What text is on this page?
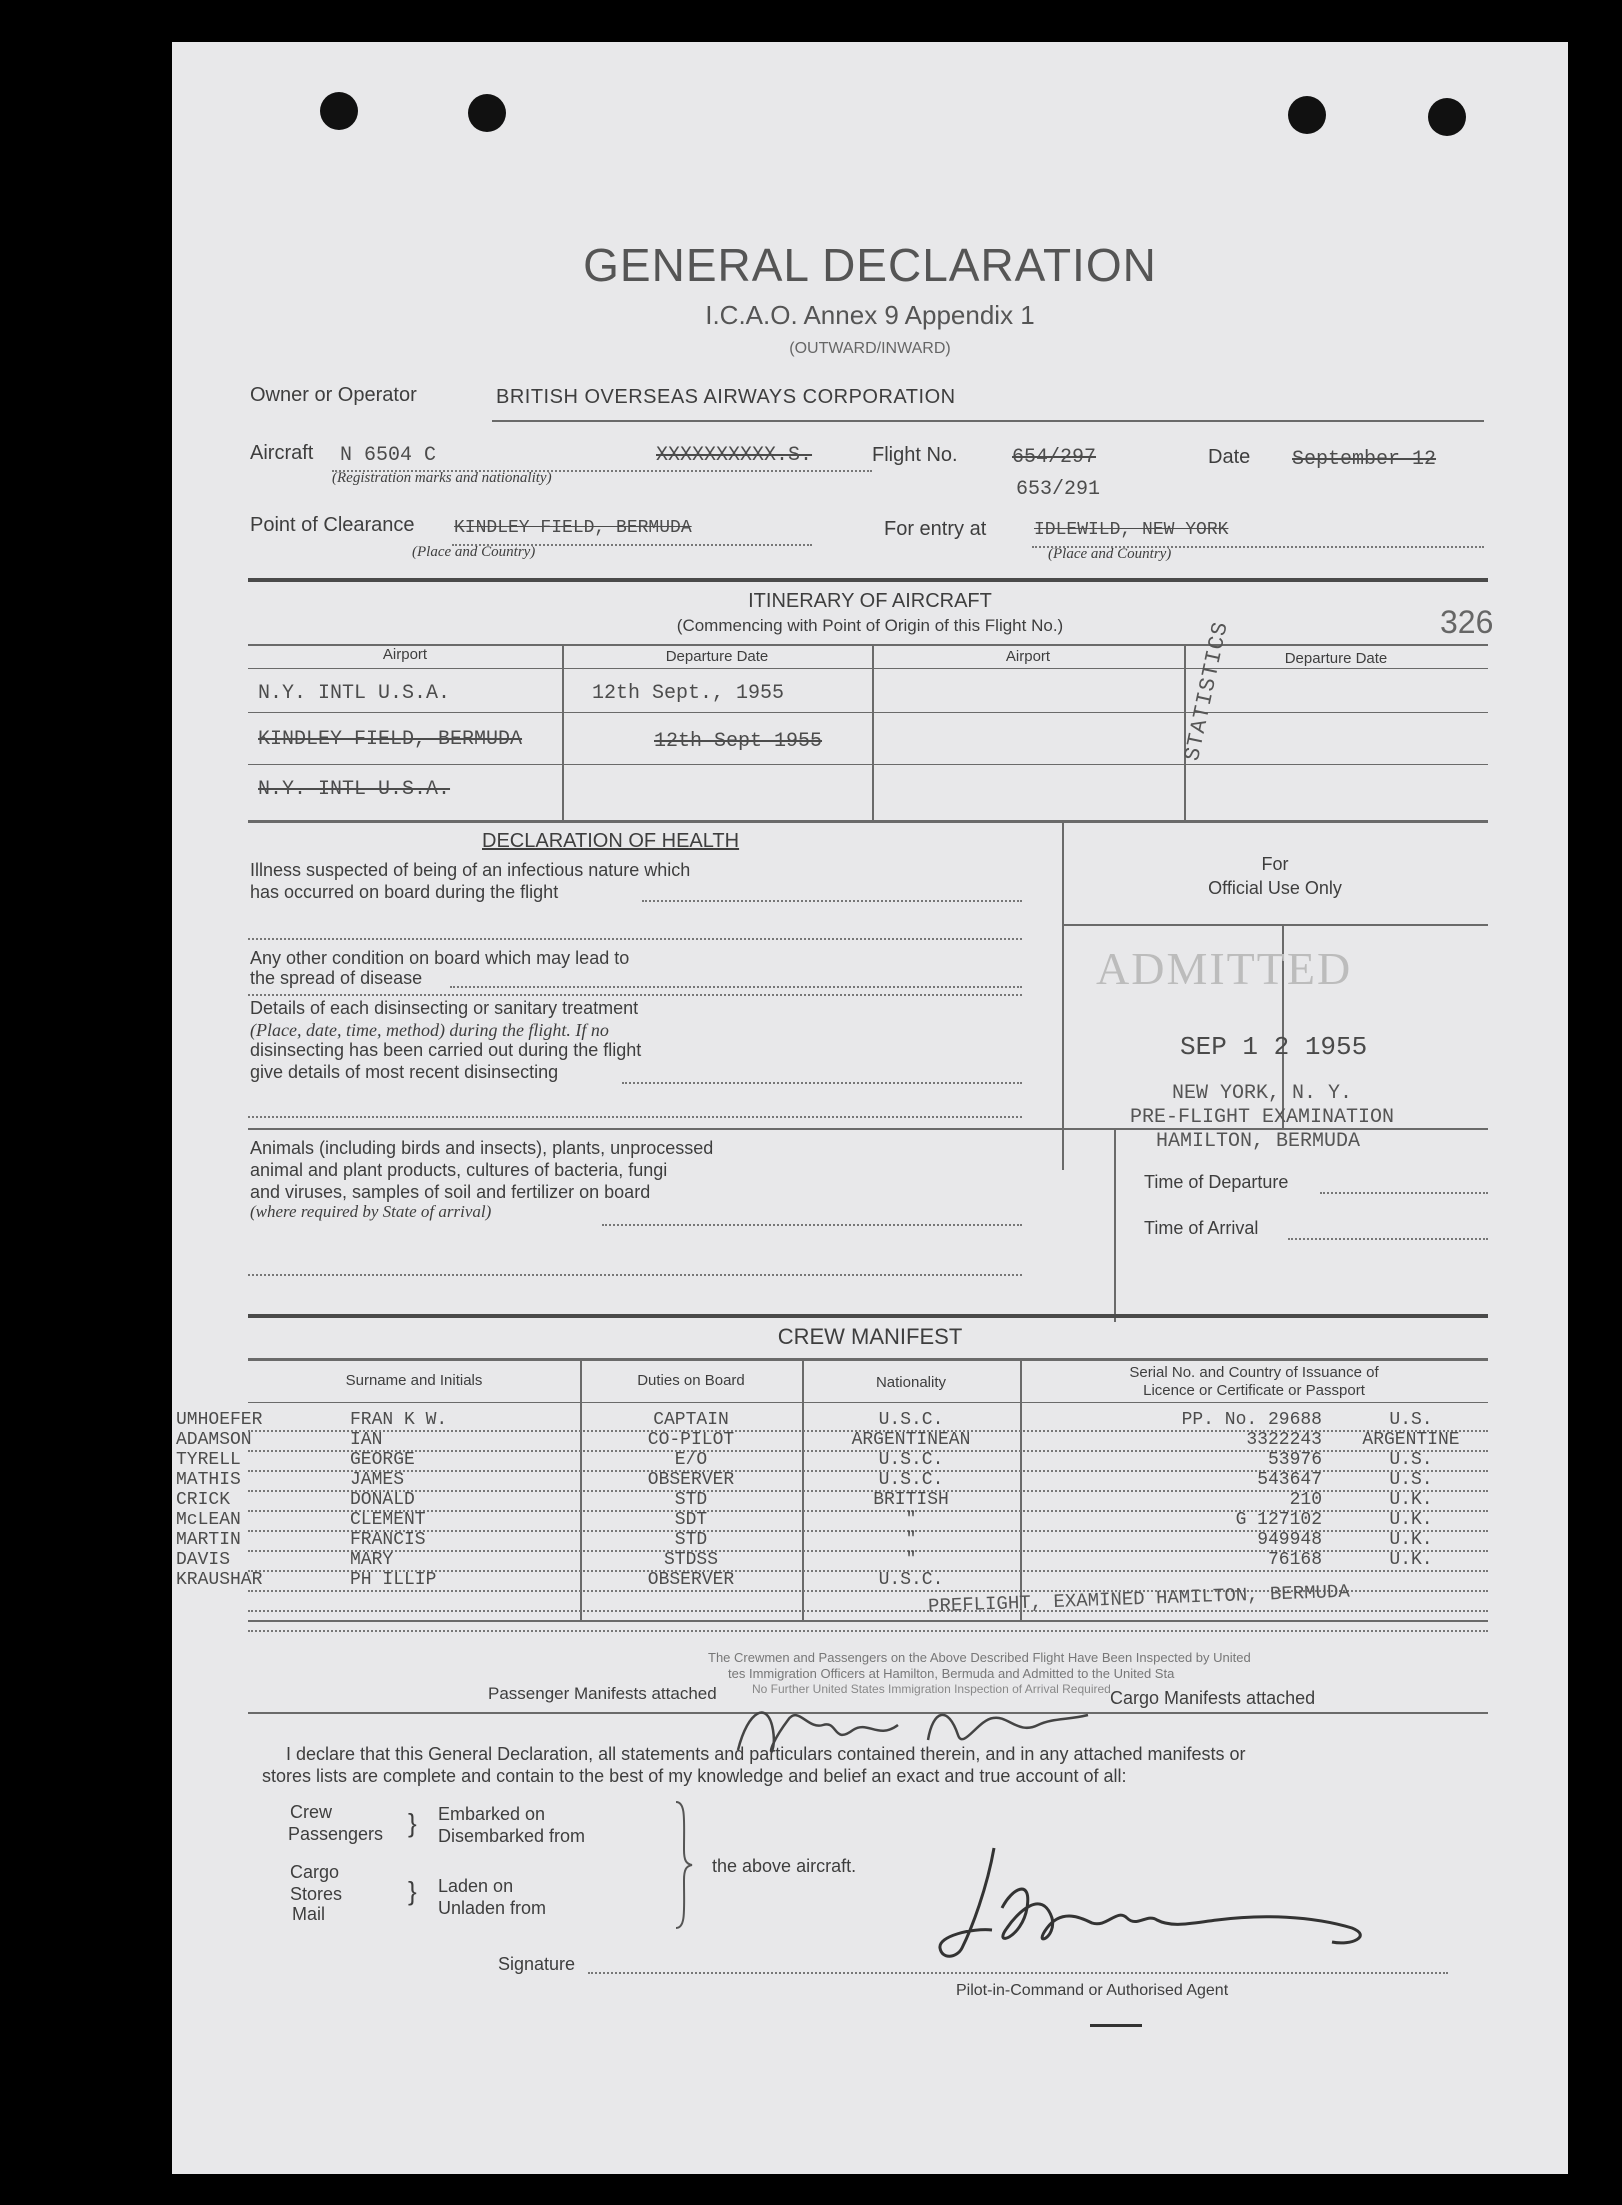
GENERAL DECLARATION
I.C.A.O. Annex 9 Appendix 1
(OUTWARD/INWARD)
Owner or Operator	BRITISH OVERSEAS AIRWAYS CORPORATION
Aircraft N 6504 C	XXXXXXXXXX.S.
(Registration marks and nationality)
Flight No.	654/297
653/291
Date September 12
Point of Clearance KINDLEY FIELD, BERMUDA
(Place and Country)
For entry at	IDLEWILD, NEW YORK
(Place and Country)
ITINERARY OF AIRCRAFT
(Commencing with Point of Origin of this Flight No.)	326
Airport	Departure Date	Airport	Departure Date
N.Y. INTL U.S.A.	12th Sept., 1955
KINDLEY FIELD, BERMUDA	12th Sept 1955
N.Y. INTL U.S.A.
STATISTICS
DECLARATION OF HEALTH
Illness suspected of being of an infectious nature which
has occurred on board during the flight
Any other condition on board which may lead to
the spread of disease
Details of each disinsecting or sanitary treatment
(Place, date, time, method) during the flight. If no
disinsecting has been carried out during the flight
give details of most recent disinsecting
For
Official Use Only
ADMITTED
SEP 1 2 1955
NEW YORK, N. Y.
PRE-FLIGHT EXAMINATION
HAMILTON, BERMUDA
Animals (including birds and insects), plants, unprocessed
animal and plant products, cultures of bacteria, fungi
and viruses, samples of soil and fertilizer on board
(where required by State of arrival)
Time of Departure
Time of Arrival
CREW MANIFEST
Surname and Initials	Duties on Board	Nationality
Serial No. and Country of Issuance of
Licence or Certificate or Passport
UMHOEFER	FRAN K W.	CAPTAIN	U.S.C.	PP. No. 29688	U.S.
ADAMSON	IAN	CO-PILOT	ARGENTINEAN	3322243	ARGENTINE
TYRELL	GEORGE	E/O	U.S.C.	53976	U.S.
MATHIS	JAMES	OBSERVER	U.S.C.	543647	U.S.
CRICK	DONALD	STD	BRITISH	210	U.K.
McLEAN	CLEMENT	SDT	"	G 127102	U.K.
MARTIN	FRANCIS	STD	"	949948	U.K.
DAVIS	MARY	STDSS	"	76168	U.K.
KRAUSHAR	PH ILLIP	OBSERVER	U.S.C.
PREFLIGHT, EXAMINED HAMILTON, BERMUDA
The Crewmen and Passengers on the Above Described Flight Have Been Inspected by United
tes Immigration Officers at Hamilton, Bermuda and Admitted to the United Sta
No Further United States Immigration Inspection of Arrival Required
Passenger Manifests attached	Cargo Manifests attached
I declare that this General Declaration, all statements and particulars contained therein, and in any attached manifests or
stores lists are complete and contain to the best of my knowledge and belief an exact and true account of all:
Crew
Passengers } Embarked on
Disembarked from
Cargo
Stores
Mail
} Laden on
Unladen from
the above aircraft.
Signature
Pilot-in-Command or Authorised Agent
